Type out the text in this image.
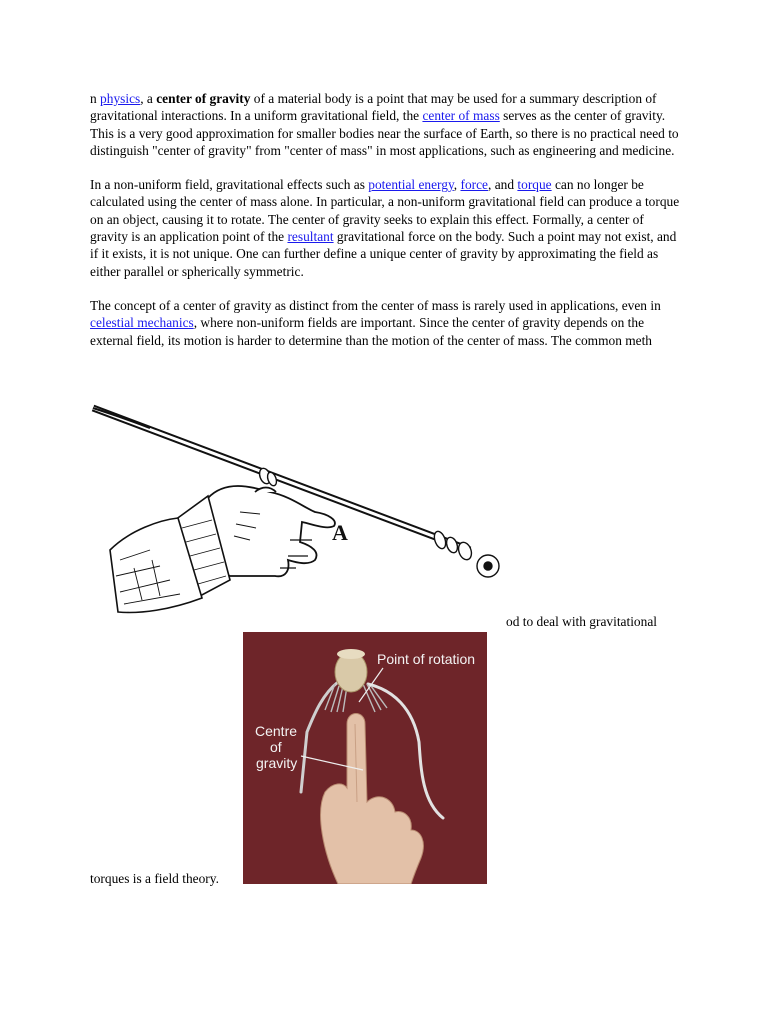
n physics, a center of gravity of a material body is a point that may be used for a summary description of gravitational interactions. In a uniform gravitational field, the center of mass serves as the center of gravity. This is a very good approximation for smaller bodies near the surface of Earth, so there is no practical need to distinguish "center of gravity" from "center of mass" in most applications, such as engineering and medicine.

In a non-uniform field, gravitational effects such as potential energy, force, and torque can no longer be calculated using the center of mass alone. In particular, a non-uniform gravitational field can produce a torque on an object, causing it to rotate. The center of gravity seeks to explain this effect. Formally, a center of gravity is an application point of the resultant gravitational force on the body. Such a point may not exist, and if it exists, it is not unique. One can further define a unique center of gravity by approximating the field as either parallel or spherically symmetric.

The concept of a center of gravity as distinct from the center of mass is rarely used in applications, even in celestial mechanics, where non-uniform fields are important. Since the center of gravity depends on the external field, its motion is harder to determine than the motion of the center of mass. The common meth

A
od to deal with gravitational
Point of rotation
Centre
of
gravity
torques is a field theory.
